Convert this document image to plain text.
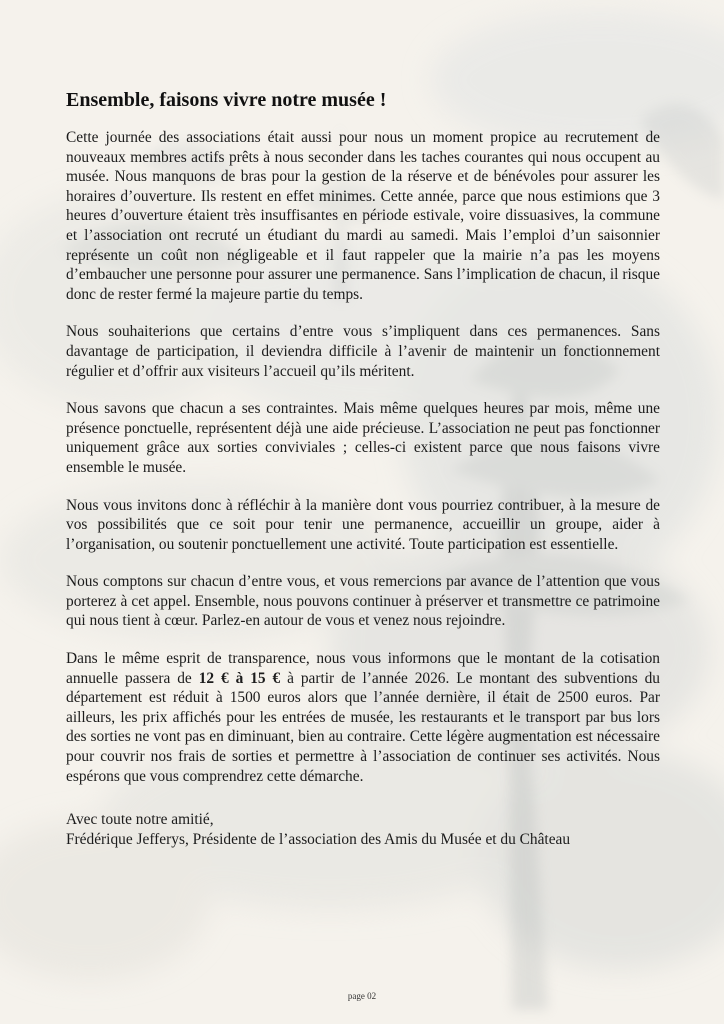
Ensemble, faisons vivre notre musée !

Cette journée des associations était aussi pour nous un moment propice au recrutement de nouveaux membres actifs prêts à nous seconder dans les taches courantes qui nous occupent au musée. Nous manquons de bras pour la gestion de la réserve et de bénévoles pour assurer les horaires d’ouverture. Ils restent en effet minimes. Cette année, parce que nous estimions que 3 heures d’ouverture étaient très insuffisantes en période estivale, voire dissuasives, la commune et l’association ont recruté un étudiant du mardi au samedi. Mais l’emploi d’un saisonnier représente un coût non négligeable et il faut rappeler que la mairie n’a pas les moyens d’embaucher une personne pour assurer une permanence. Sans l’implication de chacun, il risque donc de rester fermé la majeure partie du temps.

Nous souhaiterions que certains d’entre vous s’impliquent dans ces permanences. Sans davantage de participation, il deviendra difficile à l’avenir de maintenir un fonctionnement régulier et d’offrir aux visiteurs l’accueil qu’ils méritent.

Nous savons que chacun a ses contraintes. Mais même quelques heures par mois, même une présence ponctuelle, représentent déjà une aide précieuse. L’association ne peut pas fonctionner uniquement grâce aux sorties conviviales ; celles-ci existent parce que nous faisons vivre ensemble le musée.

Nous vous invitons donc à réfléchir à la manière dont vous pourriez contribuer, à la mesure de vos possibilités que ce soit pour tenir une permanence, accueillir un groupe, aider à l’organisation, ou soutenir ponctuellement une activité. Toute participation est essentielle.

Nous comptons sur chacun d’entre vous, et vous remercions par avance de l’attention que vous porterez à cet appel. Ensemble, nous pouvons continuer à préserver et transmettre ce patrimoine qui nous tient à cœur. Parlez-en autour de vous et venez nous rejoindre.

Dans le même esprit de transparence, nous vous informons que le montant de la cotisation annuelle passera de 12 € à 15 € à partir de l’année 2026. Le montant des subventions du département est réduit à 1500 euros alors que l’année dernière, il était de 2500 euros. Par ailleurs, les prix affichés pour les entrées de musée, les restaurants et le transport par bus lors des sorties ne vont pas en diminuant, bien au contraire. Cette légère augmentation est nécessaire pour couvrir nos frais de sorties et permettre à l’association de continuer ses activités. Nous espérons que vous comprendrez cette démarche.

Avec toute notre amitié,
Frédérique Jefferys, Présidente de l’association des Amis du Musée et du Château
page 02
